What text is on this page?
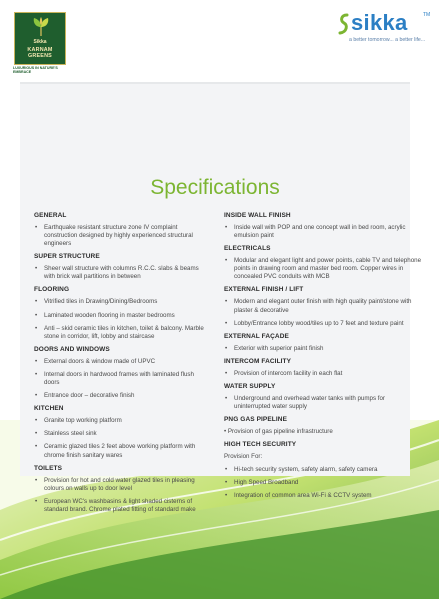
Sikka
KARNAM GREENS
LUXURIOUS IN NATURE'S EMBRACE
sikka	TM
a better tomorrow... a better life...
Specifications
GENERAL
• Earthquake resistant structure zone IV complaint construction designed by highly experienced structural engineers
SUPER STRUCTURE
• Sheer wall structure with columns R.C.C. slabs & beams with brick wall partitions in between
FLOORING
• Vitrified tiles in Drawing/Dining/Bedrooms
• Laminated wooden flooring in master bedrooms
• Anti – skid ceramic tiles in kitchen, toilet & balcony. Marble stone in corridor, lift, lobby and staircase
DOORS AND WINDOWS
• External doors & window made of UPVC
• Internal doors in hardwood frames with laminated flush doors
• Entrance door – decorative finish
KITCHEN
• Granite top working platform
• Stainless steel sink
• Ceramic glazed tiles 2 feet above working platform with chrome finish sanitary wares
TOILETS
• Provision for hot and cold water glazed tiles in pleasing colours on walls up to door level
• European WC's washbasins & light shaded cisterns of standard brand. Chrome plated fitting of standard make
INSIDE WALL FINISH
• Inside wall with POP and one concept wall in bed room, acrylic emulsion paint
ELECTRICALS
• Modular and elegant light and power points, cable TV and telephone points in drawing room and master bed room. Copper wires in concealed PVC conduits with MCB
EXTERNAL FINISH / LIFT
• Modern and elegant outer finish with high quality paint/stone with plaster & decorative
• Lobby/Entrance lobby wood/tiles up to 7 feet and texture paint
EXTERNAL FAÇADE
• Exterior with superior paint finish
INTERCOM FACILITY
• Provision of intercom facility in each flat
WATER SUPPLY
• Underground and overhead water tanks with pumps for uninterrupted water supply
PNG GAS PIPELINE

• Provision of gas pipeline infrastructure

HIGH TECH SECURITY

Provision For:

• Hi-tech security system, safety alarm, safety camera
• High Speed Broadband
• Integration of common area Wi-Fi & CCTV system
